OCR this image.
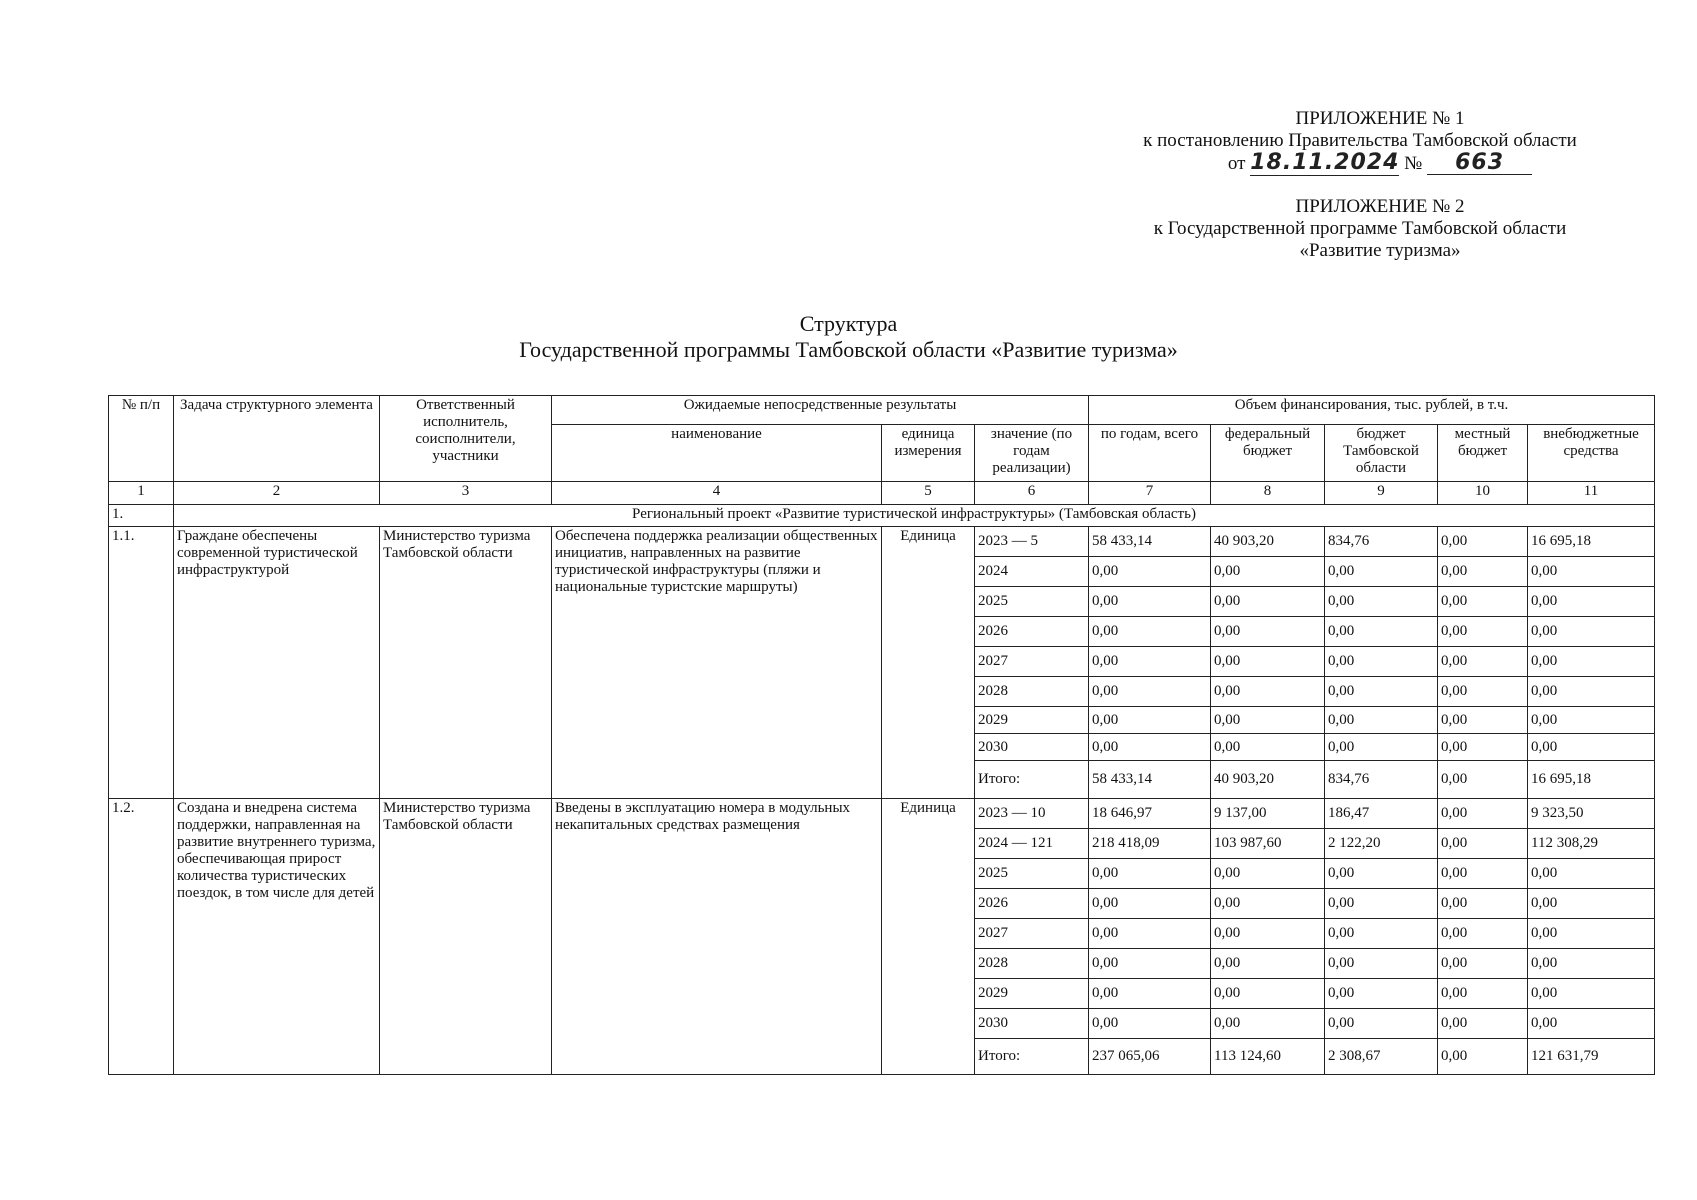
ПРИЛОЖЕНИЕ № 1
к постановлению Правительства Тамбовской области
от 18.11.2024 № 663
ПРИЛОЖЕНИЕ № 2
к Государственной программе Тамбовской области
«Развитие туризма»
Структура
Государственной программы Тамбовской области «Развитие туризма»
№ п/п	Задача структурного элемента	Ответственный исполнитель, соисполнители, участники	Ожидаемые непосредственные результаты			Объем финансирования, тыс. рублей, в т.ч.				
			наименование	единица измерения	значение (по годам реализации)	по годам, всего	федеральный бюджет	бюджет Тамбовской области	местный бюджет	внебюджетные средства
1	2	3	4	5	6	7	8	9	10	11
1.	Региональный проект «Развитие туристической инфраструктуры» (Тамбовская область)									
1.1.	Граждане обеспечены современной туристической инфраструктурой	Министерство туризма Тамбовской области	Обеспечена поддержка реализации общественных инициатив, направленных на развитие туристической инфраструктуры (пляжи и национальные туристские маршруты)	Единица	2023 — 5	58 433,14	40 903,20	834,76	0,00	16 695,18
					2024	0,00	0,00	0,00	0,00	0,00
					2025	0,00	0,00	0,00	0,00	0,00
					2026	0,00	0,00	0,00	0,00	0,00
					2027	0,00	0,00	0,00	0,00	0,00
					2028	0,00	0,00	0,00	0,00	0,00
					2029	0,00	0,00	0,00	0,00	0,00
					2030	0,00	0,00	0,00	0,00	0,00
					Итого:	58 433,14	40 903,20	834,76	0,00	16 695,18
1.2.	Создана и внедрена система поддержки, направленная на развитие внутреннего туризма, обеспечивающая прирост количества туристических поездок, в том числе для детей	Министерство туризма Тамбовской области	Введены в эксплуатацию номера в модульных некапитальных средствах размещения	Единица	2023 — 10	18 646,97	9 137,00	186,47	0,00	9 323,50
					2024 — 121	218 418,09	103 987,60	2 122,20	0,00	112 308,29
					2025	0,00	0,00	0,00	0,00	0,00
					2026	0,00	0,00	0,00	0,00	0,00
					2027	0,00	0,00	0,00	0,00	0,00
					2028	0,00	0,00	0,00	0,00	0,00
					2029	0,00	0,00	0,00	0,00	0,00
					2030	0,00	0,00	0,00	0,00	0,00
					Итого:	237 065,06	113 124,60	2 308,67	0,00	121 631,79
